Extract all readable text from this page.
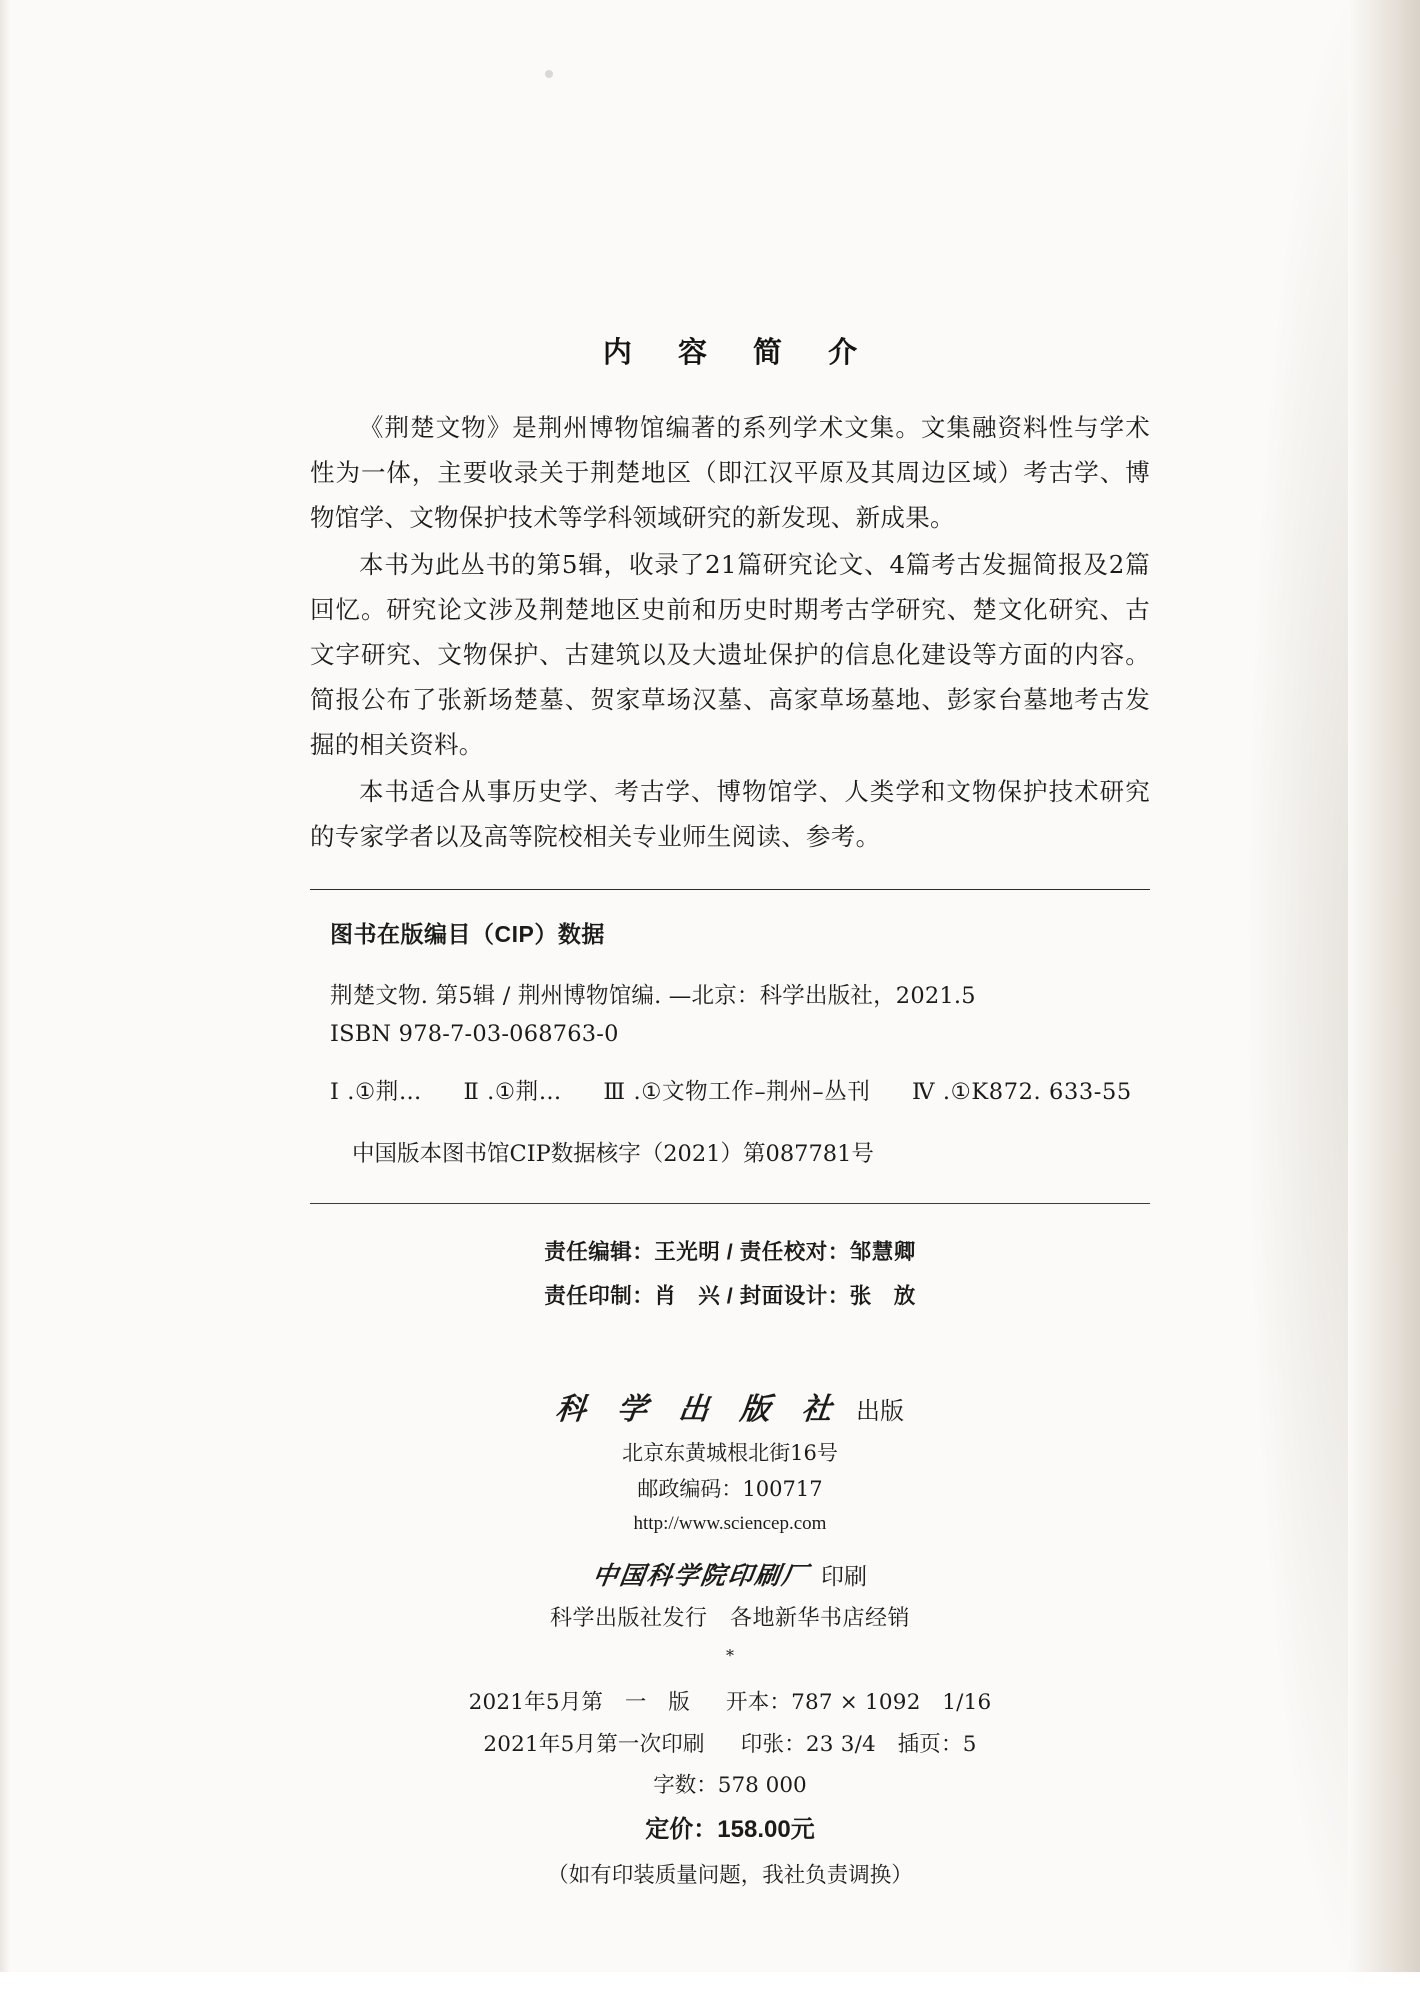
内 容 简 介

《荆楚文物》是荆州博物馆编著的系列学术文集。文集融资料性与学术性为一体，主要收录关于荆楚地区（即江汉平原及其周边区域）考古学、博物馆学、文物保护技术等学科领域研究的新发现、新成果。

本书为此丛书的第5辑，收录了21篇研究论文、4篇考古发掘简报及2篇回忆。研究论文涉及荆楚地区史前和历史时期考古学研究、楚文化研究、古文字研究、文物保护、古建筑以及大遗址保护的信息化建设等方面的内容。简报公布了张新场楚墓、贺家草场汉墓、高家草场墓地、彭家台墓地考古发掘的相关资料。

本书适合从事历史学、考古学、博物馆学、人类学和文物保护技术研究的专家学者以及高等院校相关专业师生阅读、参考。

图书在版编目（CIP）数据
荆楚文物. 第5辑 / 荆州博物馆编. —北京：科学出版社，2021.5
ISBN 978-7-03-068763-0
Ⅰ .①荆… Ⅱ .①荆… Ⅲ .①文物工作–荆州–丛刊 Ⅳ .①K872. 633-55
中国版本图书馆CIP数据核字（2021）第087781号
责任编辑：王光明 / 责任校对：邹慧卿
责任印制：肖　兴 / 封面设计：张　放
科 学 出 版 社 出版
北京东黄城根北街16号
邮政编码：100717
http://www.sciencep.com
中国科学院印刷厂 印刷
科学出版社发行　各地新华书店经销
*
2021年5月第　一　版 开本：787 × 1092　1/16
2021年5月第一次印刷 印张：23 3/4　插页：5
字数：578 000
定价：158.00元
（如有印装质量问题，我社负责调换）
